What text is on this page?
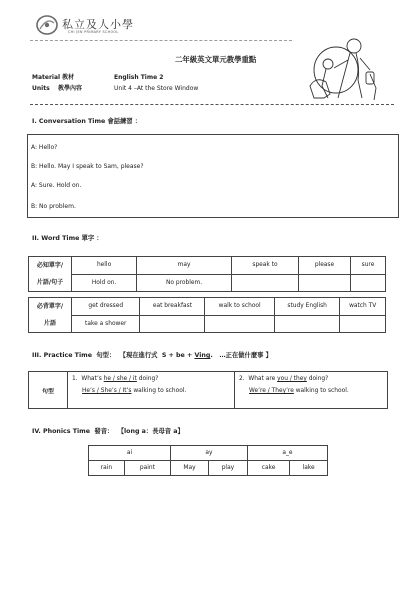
私立及人小學
CHI JEN PRIMARY SCHOOL
二年級英文單元教學重點
Material 教材	English Time 2
Units    教學內容	Unit 4 –At the Store Window
I. Conversation Time 會話練習 ：
A: Hello?
B: Hello. May I speak to Sam, please?
A: Sure. Hold on.
B: No problem.
II. Word Time 單字 ：
必知單字/
片語/句子	hello	may	speak to	please	sure
	Hold on.	No problem.			
必背單字/
片語	get dressed	eat breakfast	walk to school	study English	watch TV
	take a shower				
III. Practice Time  句型： 【現在進行式 S + be + Ving.   …正在做什麼事 】
句型	
1. What’s he / she / it doing?
He’s / She’s / It’s walking to school.

2. What are you / they doing?
We’re / They’re walking to school.
IV. Phonics Time  發音： 【long a：長母音 a】
ai		ay		a_e	
rain	paint	May	play	cake	lake
